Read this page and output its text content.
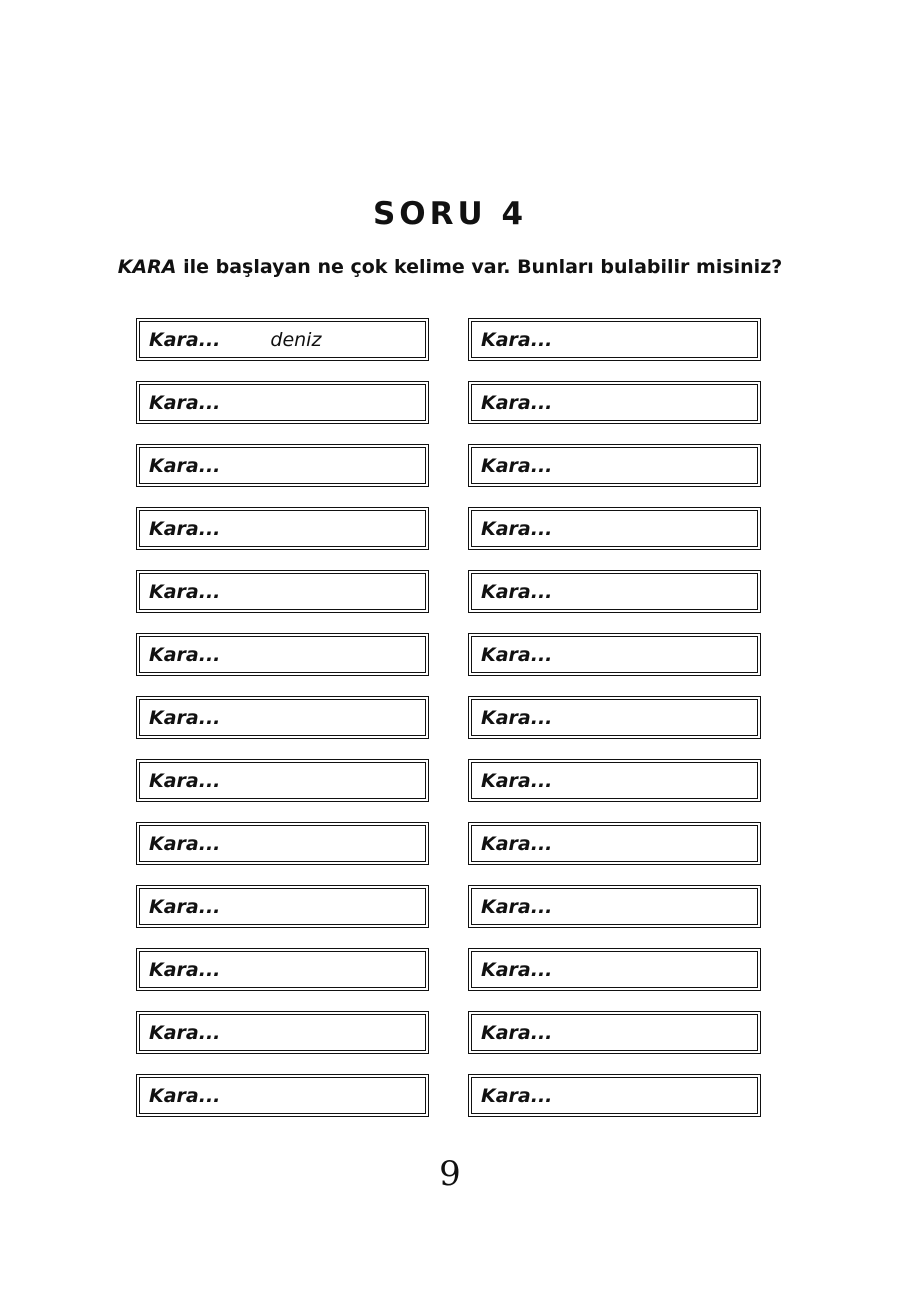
SORU 4
KARA ile başlayan ne çok kelime var. Bunları bulabilir misiniz?
Kara...	deniz
Kara...
Kara...
Kara...
Kara...
Kara...
Kara...
Kara...
Kara...
Kara...
Kara...
Kara...
Kara...
Kara...
Kara...
Kara...
Kara...
Kara...
Kara...
Kara...
Kara...
Kara...
Kara...
Kara...
Kara...
Kara...
9
